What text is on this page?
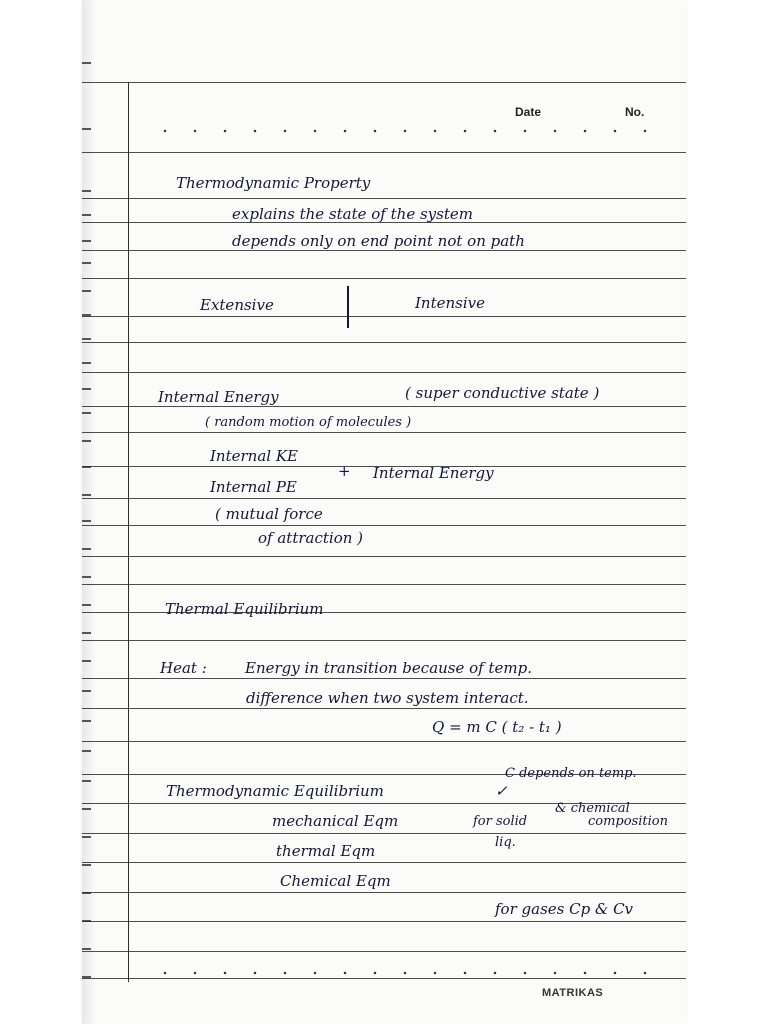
Date	No.
Thermodynamic Property
explains the state of the system
depends only on end point not on path
Extensive	Intensive
Internal Energy	( super conductive state )
( random motion of molecules )
Internal KE
+ Internal Energy
Internal PE
( mutual force
of attraction )
Thermal Equilibrium
Heat :	Energy in transition because of temp.
difference when two system interact.
Q = m C ( t₂ - t₁ )
C depends on temp.
✓
Thermodynamic Equilibrium
& chemical
composition
mechanical Eqm	for solid
liq.
thermal Eqm
Chemical Eqm
for gases Cp & Cv
MATRIKAS
